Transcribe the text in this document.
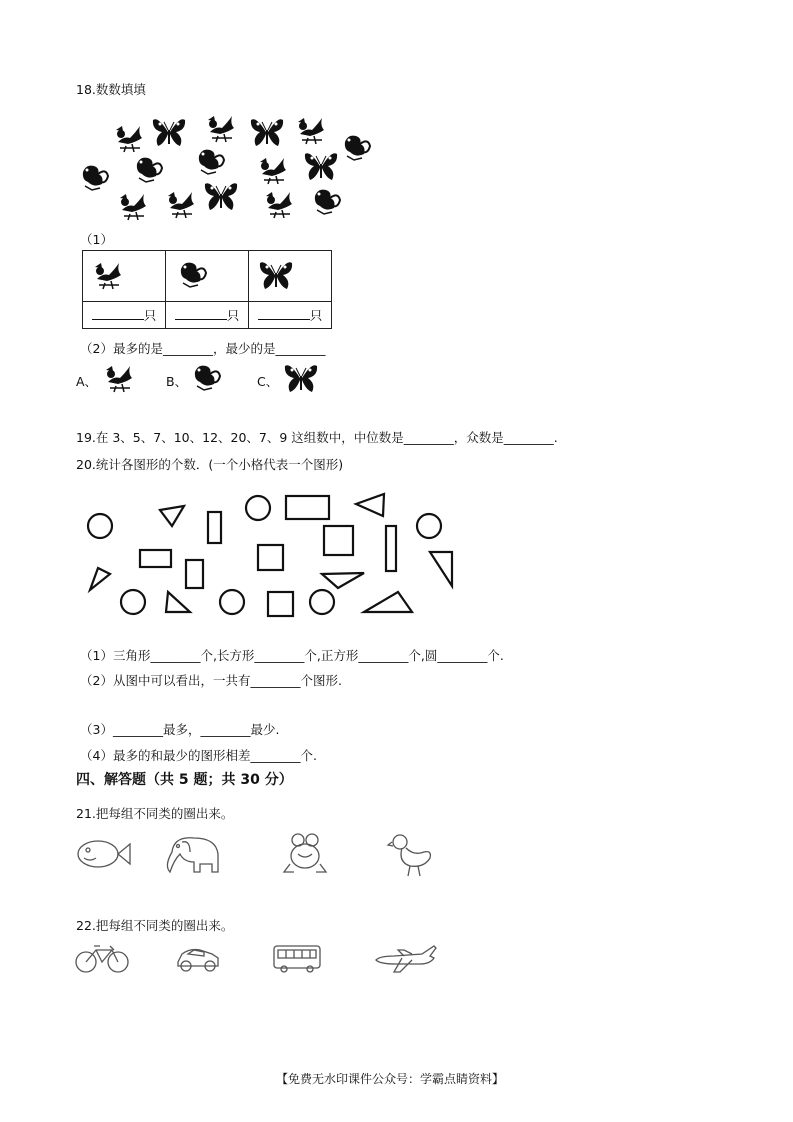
18.数数填填
（1）

只	只	只
（2）最多的是________，最少的是________
A、	B、	C、
19.在 3、5、7、10、12、20、7、9 这组数中，中位数是________，众数是________.
20.统计各图形的个数．(一个小格代表一个图形)
（1）三角形________个,长方形________个,正方形________个,圆________个.
（2）从图中可以看出，一共有________个图形.
（3）________最多，________最少.
（4）最多的和最少的图形相差________个.
四、解答题（共 5 题；共 30 分）
21.把每组不同类的圈出来。
22.把每组不同类的圈出来。
【免费无水印课件公众号：学霸点睛资料】
